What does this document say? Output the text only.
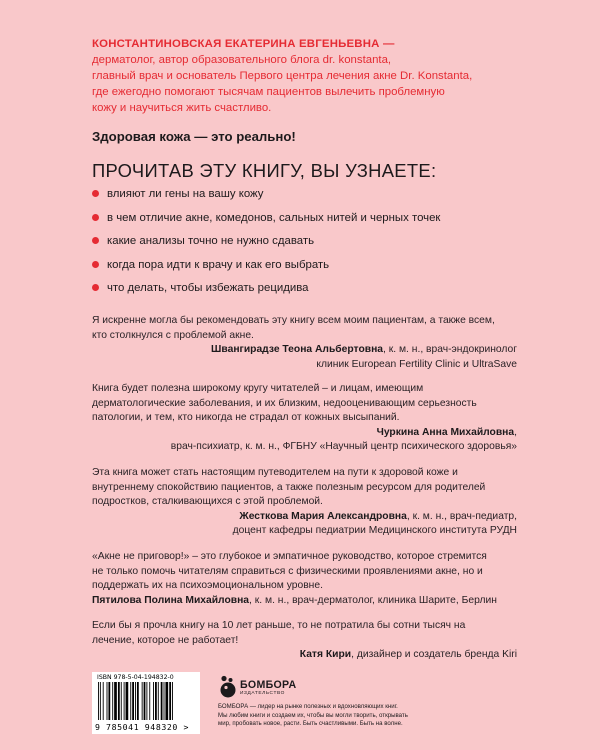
КОНСТАНТИНОВСКАЯ ЕКАТЕРИНА ЕВГЕНЬЕВНА —
дерматолог, автор образовательного блога dr. konstanta,
главный врач и основатель Первого центра лечения акне Dr. Konstanta,
где ежегодно помогают тысячам пациентов вылечить проблемную
кожу и научиться жить счастливо.
Здоровая кожа — это реально!
ПРОЧИТАВ ЭТУ КНИГУ, ВЫ УЗНАЕТЕ:
влияют ли гены на вашу кожу
в чем отличие акне, комедонов, сальных нитей и черных точек
какие анализы точно не нужно сдавать
когда пора идти к врачу и как его выбрать
что делать, чтобы избежать рецидива

Я искренне могла бы рекомендовать эту книгу всем моим пациентам, а также всем,

кто столкнулся с проблемой акне.

Швангирадзе Теона Альбертовна, к. м. н., врач-эндокринолог

клиник European Fertility Clinic и UltraSave

Книга будет полезна широкому кругу читателей – и лицам, имеющим

дерматологические заболевания, и их близким, недооценивающим серьезность

патологии, и тем, кто никогда не страдал от кожных высыпаний.

Чуркина Анна Михайловна,

врач-психиатр, к. м. н., ФГБНУ «Научный центр психического здоровья»

Эта книга может стать настоящим путеводителем на пути к здоровой коже и

внутреннему спокойствию пациентов, а также полезным ресурсом для родителей

подростков, сталкивающихся с этой проблемой.

Жесткова Мария Александровна, к. м. н., врач-педиатр,

доцент кафедры педиатрии Медицинского института РУДН

«Акне не приговор!» – это глубокое и эмпатичное руководство, которое стремится

не только помочь читателям справиться с физическими проявлениями акне, но и

поддержать их на психоэмоциональном уровне.

Пятилова Полина Михайловна, к. м. н., врач-дерматолог, клиника Шарите, Берлин

Если бы я прочла книгу на 10 лет раньше, то не потратила бы сотни тысяч на

лечение, которое не работает!

Катя Кири, дизайнер и создатель бренда Kiri

ISBN 978-5-04-194832-0
9 785041 948320 >
БОМБОРА
ИЗДАТЕЛЬСТВО
БОМБОРА — лидер на рынке полезных и вдохновляющих книг.
Мы любим книги и создаем их, чтобы вы могли творить, открывать
мир, пробовать новое, расти. Быть счастливыми. Быть на волне.
